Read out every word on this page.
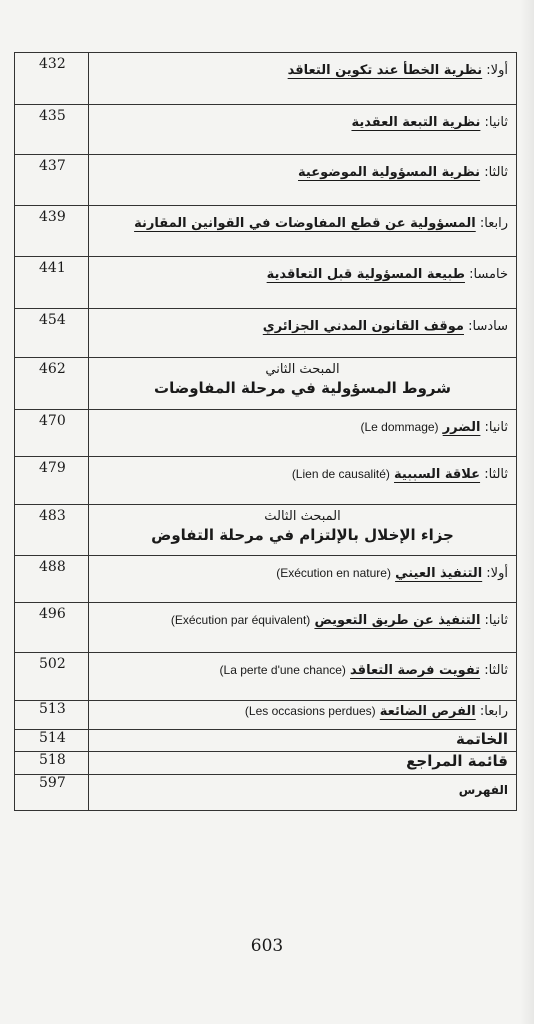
432	أولا: نظرية الخطأ عند تكوين التعاقد
435	ثانيا: نظرية التبعة العقدية
437	ثالثا: نظرية المسؤولية الموضوعية
439	رابعا: المسؤولية عن قطع المفاوضات في القوانين المقارنة
441	خامسا: طبيعة المسؤولية قبل التعاقدية
454	سادسا: موقف القانون المدني الجزائري
462	المبحث الثاني
شروط المسؤولية في مرحلة المفاوضات

470	ثانيا: الضرر (Le dommage)
479	ثالثا: علاقة السببية (Lien de causalité)
483	المبحث الثالث
جزاء الإخلال بالإلتزام في مرحلة التفاوض

488	أولا: التنفيذ العيني (Exécution en nature)
496	ثانيا: التنفيذ عن طريق التعويض (Exécution par équivalent)
502	ثالثا: تفويت فرصة التعاقد (La perte d'une chance)
513	رابعا: الفرص الضائعة (Les occasions perdues)
514	الخاتمة
518	قائمة المراجع
597	الفهرس
603
